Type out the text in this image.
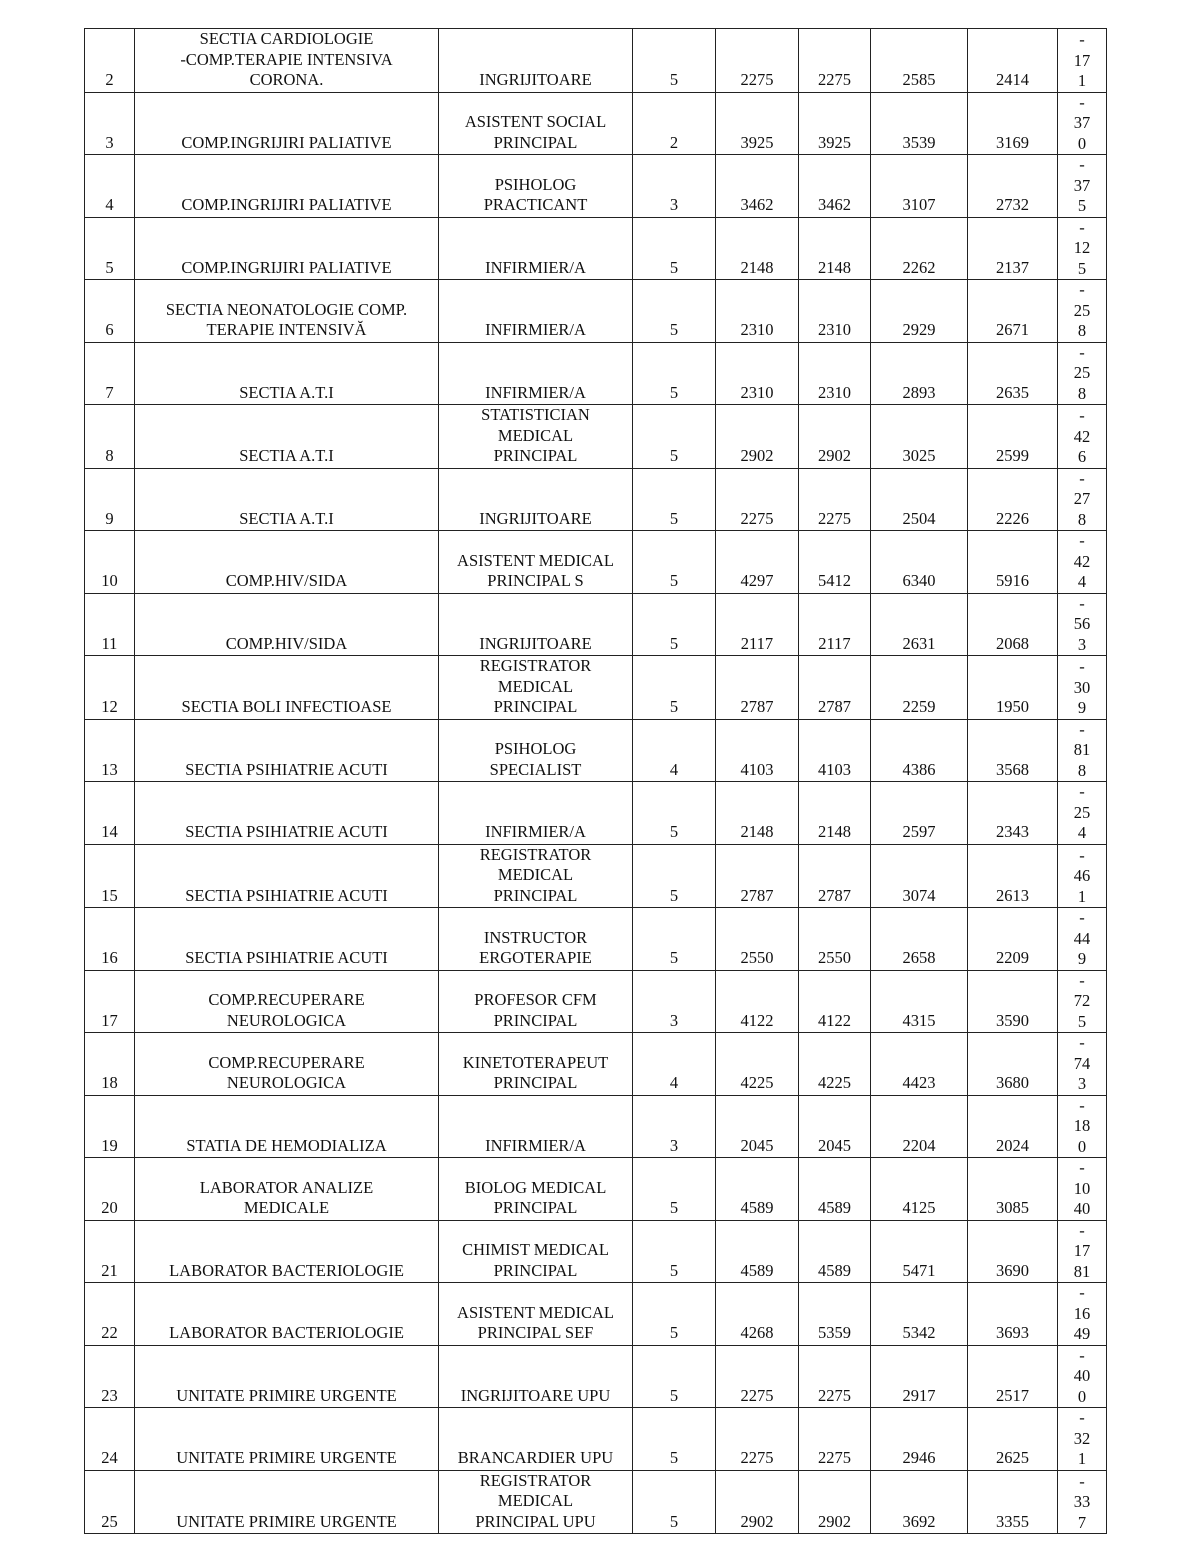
2	SECTIA CARDIOLOGIE
-COMP.TERAPIE INTENSIVA
CORONA.	INGRIJITOARE	5	2275	2275	2585	2414	-
17
1

3	COMP.INGRIJIRI PALIATIVE	ASISTENT SOCIAL
PRINCIPAL	2	3925	3925	3539	3169	-
37
0

4	COMP.INGRIJIRI PALIATIVE	PSIHOLOG
PRACTICANT	3	3462	3462	3107	2732	-
37
5

5	COMP.INGRIJIRI PALIATIVE	INFIRMIER/A	5	2148	2148	2262	2137	-
12
5

6	SECTIA NEONATOLOGIE COMP.
TERAPIE INTENSIVĂ	INFIRMIER/A	5	2310	2310	2929	2671	-
25
8

7	SECTIA A.T.I	INFIRMIER/A	5	2310	2310	2893	2635	-
25
8

8	SECTIA A.T.I	STATISTICIAN
MEDICAL
PRINCIPAL	5	2902	2902	3025	2599	-
42
6

9	SECTIA A.T.I	INGRIJITOARE	5	2275	2275	2504	2226	-
27
8

10	COMP.HIV/SIDA	ASISTENT MEDICAL
PRINCIPAL S	5	4297	5412	6340	5916	-
42
4

11	COMP.HIV/SIDA	INGRIJITOARE	5	2117	2117	2631	2068	-
56
3

12	SECTIA BOLI INFECTIOASE	REGISTRATOR
MEDICAL
PRINCIPAL	5	2787	2787	2259	1950	-
30
9

13	SECTIA PSIHIATRIE ACUTI	PSIHOLOG
SPECIALIST	4	4103	4103	4386	3568	-
81
8

14	SECTIA PSIHIATRIE ACUTI	INFIRMIER/A	5	2148	2148	2597	2343	-
25
4

15	SECTIA PSIHIATRIE ACUTI	REGISTRATOR
MEDICAL
PRINCIPAL	5	2787	2787	3074	2613	-
46
1

16	SECTIA PSIHIATRIE ACUTI	INSTRUCTOR
ERGOTERAPIE	5	2550	2550	2658	2209	-
44
9

17	COMP.RECUPERARE
NEUROLOGICA	PROFESOR CFM
PRINCIPAL	3	4122	4122	4315	3590	-
72
5

18	COMP.RECUPERARE
NEUROLOGICA	KINETOTERAPEUT
PRINCIPAL	4	4225	4225	4423	3680	-
74
3

19	STATIA DE HEMODIALIZA	INFIRMIER/A	3	2045	2045	2204	2024	-
18
0

20	LABORATOR ANALIZE
MEDICALE	BIOLOG MEDICAL
PRINCIPAL	5	4589	4589	4125	3085	-
10
40

21	LABORATOR BACTERIOLOGIE	CHIMIST MEDICAL
PRINCIPAL	5	4589	4589	5471	3690	-
17
81

22	LABORATOR BACTERIOLOGIE	ASISTENT MEDICAL
PRINCIPAL SEF	5	4268	5359	5342	3693	-
16
49

23	UNITATE PRIMIRE URGENTE	INGRIJITOARE UPU	5	2275	2275	2917	2517	-
40
0

24	UNITATE PRIMIRE URGENTE	BRANCARDIER UPU	5	2275	2275	2946	2625	-
32
1

25	UNITATE PRIMIRE URGENTE	REGISTRATOR
MEDICAL
PRINCIPAL UPU	5	2902	2902	3692	3355	-
33
7
